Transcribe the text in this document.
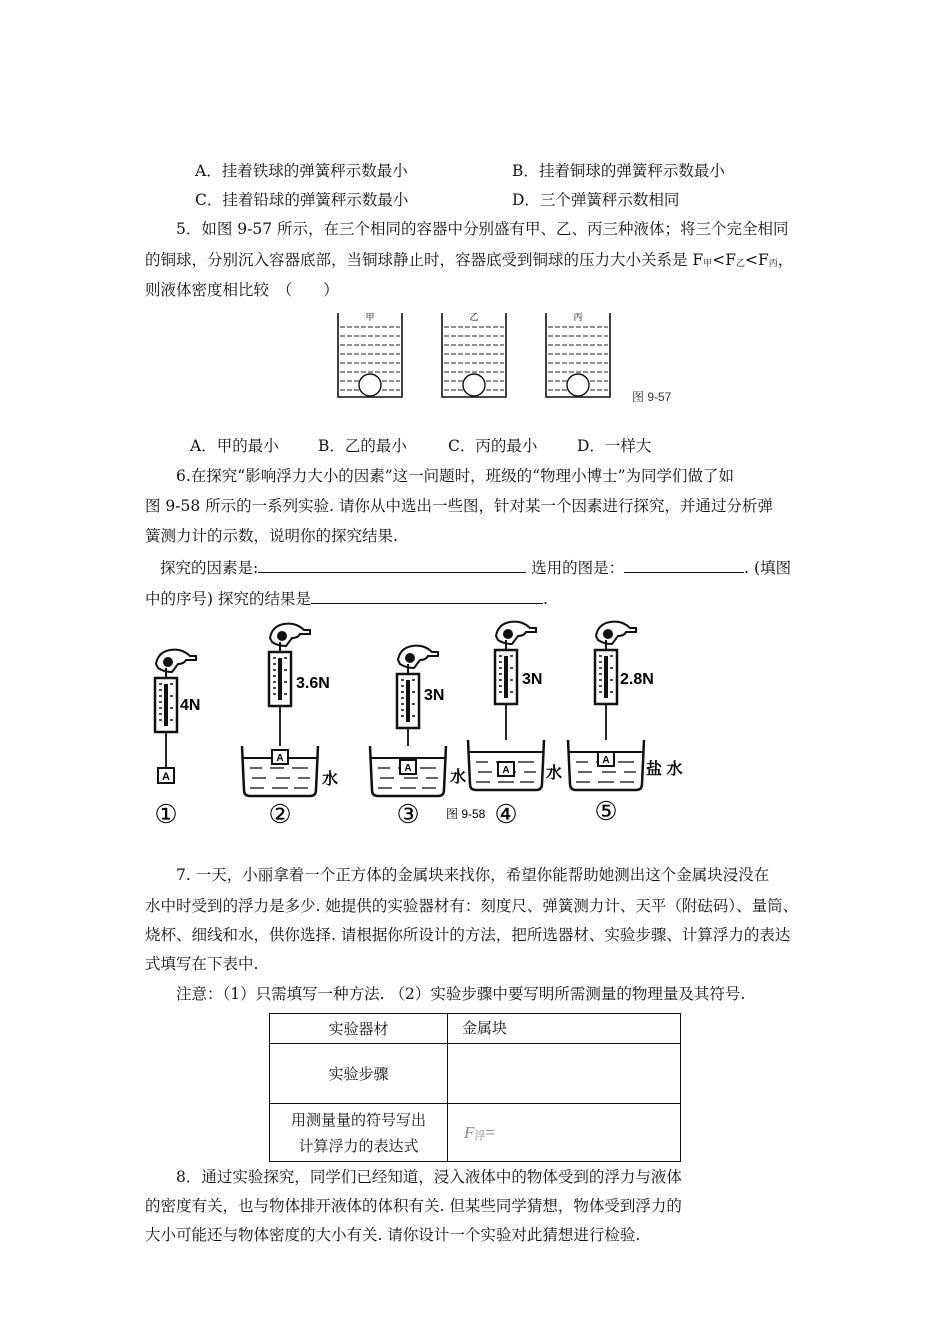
A．挂着铁球的弹簧秤示数最小	B．挂着铜球的弹簧秤示数最小
C．挂着铅球的弹簧秤示数最小	D．三个弹簧秤示数相同
5．如图 9-57 所示，在三个相同的容器中分别盛有甲、乙、丙三种液体；将三个完全相同
的铜球，分别沉入容器底部，当铜球静止时，容器底受到铜球的压力大小关系是 $F_甲<F_乙<F_丙$，
则液体密度相比较　（　　）
甲	乙	丙
图 9-57
A．甲的最小	B．乙的最小	C．丙的最小	D．一样大
6.在探究“影响浮力大小的因素”这一问题时，班级的“物理小博士”为同学们做了如
图 9-58 所示的一系列实验. 请你从中选出一些图，针对某一个因素进行探究，并通过分析弹
簧测力计的示数，说明你的探究结果.
探究的因素是:	选用的图是：	. (填图
中的序号) 探究的结果是	.
A
4N
①
A
3.6N
水
②
A
3N
水
③
A
3N
水
④
A
2.8N
盐 水
⑤
图 9-58
7. 一天，小丽拿着一个正方体的金属块来找你，希望你能帮助她测出这个金属块浸没在
水中时受到的浮力是多少. 她提供的实验器材有：刻度尺、弹簧测力计、天平（附砝码）、量筒、
烧杯、细线和水，供你选择. 请根据你所设计的方法，把所选器材、实验步骤、计算浮力的表达
式填写在下表中.
注意：（1）只需填写一种方法. （2）实验步骤中要写明所需测量的物理量及其符号.
实验器材	金属块
实验步骤	

用测量量的符号写出
计算浮力的表达式	$F_浮=$
8．通过实验探究，同学们已经知道，浸入液体中的物体受到的浮力与液体
的密度有关，也与物体排开液体的体积有关. 但某些同学猜想，物体受到浮力的
大小可能还与物体密度的大小有关. 请你设计一个实验对此猜想进行检验.
